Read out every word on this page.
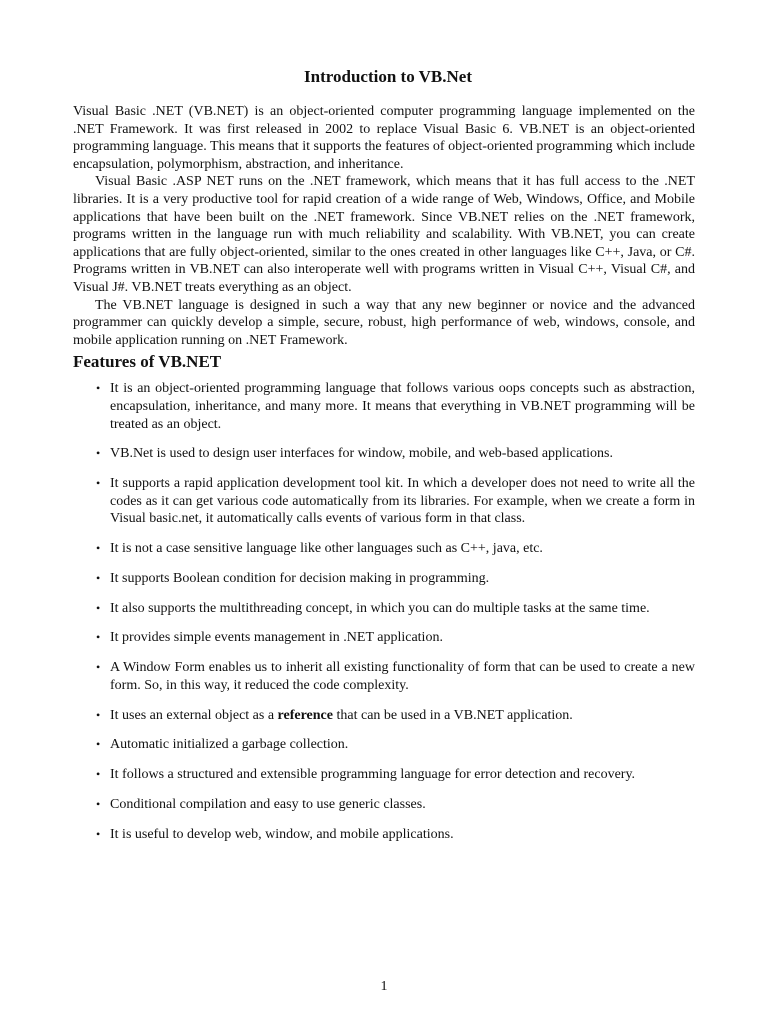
Introduction to VB.Net

Visual Basic .NET (VB.NET) is an object-oriented computer programming language implemented on the .NET Framework. It was first released in 2002 to replace Visual Basic 6. VB.NET is an object-oriented programming language. This means that it supports the features of object-oriented programming which include encapsulation, polymorphism, abstraction, and inheritance.

Visual Basic .ASP NET runs on the .NET framework, which means that it has full access to the .NET libraries. It is a very productive tool for rapid creation of a wide range of Web, Windows, Office, and Mobile applications that have been built on the .NET framework. Since VB.NET relies on the .NET framework, programs written in the language run with much reliability and scalability. With VB.NET, you can create applications that are fully object-oriented, similar to the ones created in other languages like C++, Java, or C#. Programs written in VB.NET can also interoperate well with programs written in Visual C++, Visual C#, and Visual J#. VB.NET treats everything as an object.

The VB.NET language is designed in such a way that any new beginner or novice and the advanced programmer can quickly develop a simple, secure, robust, high performance of web, windows, console, and mobile application running on .NET Framework.

Features of VB.NET
• It is an object-oriented programming language that follows various oops concepts such as abstraction, encapsulation, inheritance, and many more. It means that everything in VB.NET programming will be treated as an object.
• VB.Net is used to design user interfaces for window, mobile, and web-based applications.
• It supports a rapid application development tool kit. In which a developer does not need to write all the codes as it can get various code automatically from its libraries. For example, when we create a form in Visual basic.net, it automatically calls events of various form in that class.
• It is not a case sensitive language like other languages such as C++, java, etc.
• It supports Boolean condition for decision making in programming.
• It also supports the multithreading concept, in which you can do multiple tasks at the same time.
• It provides simple events management in .NET application.
• A Window Form enables us to inherit all existing functionality of form that can be used to create a new form. So, in this way, it reduced the code complexity.
• It uses an external object as a reference that can be used in a VB.NET application.
• Automatic initialized a garbage collection.
• It follows a structured and extensible programming language for error detection and recovery.
• Conditional compilation and easy to use generic classes.
• It is useful to develop web, window, and mobile applications.
1
